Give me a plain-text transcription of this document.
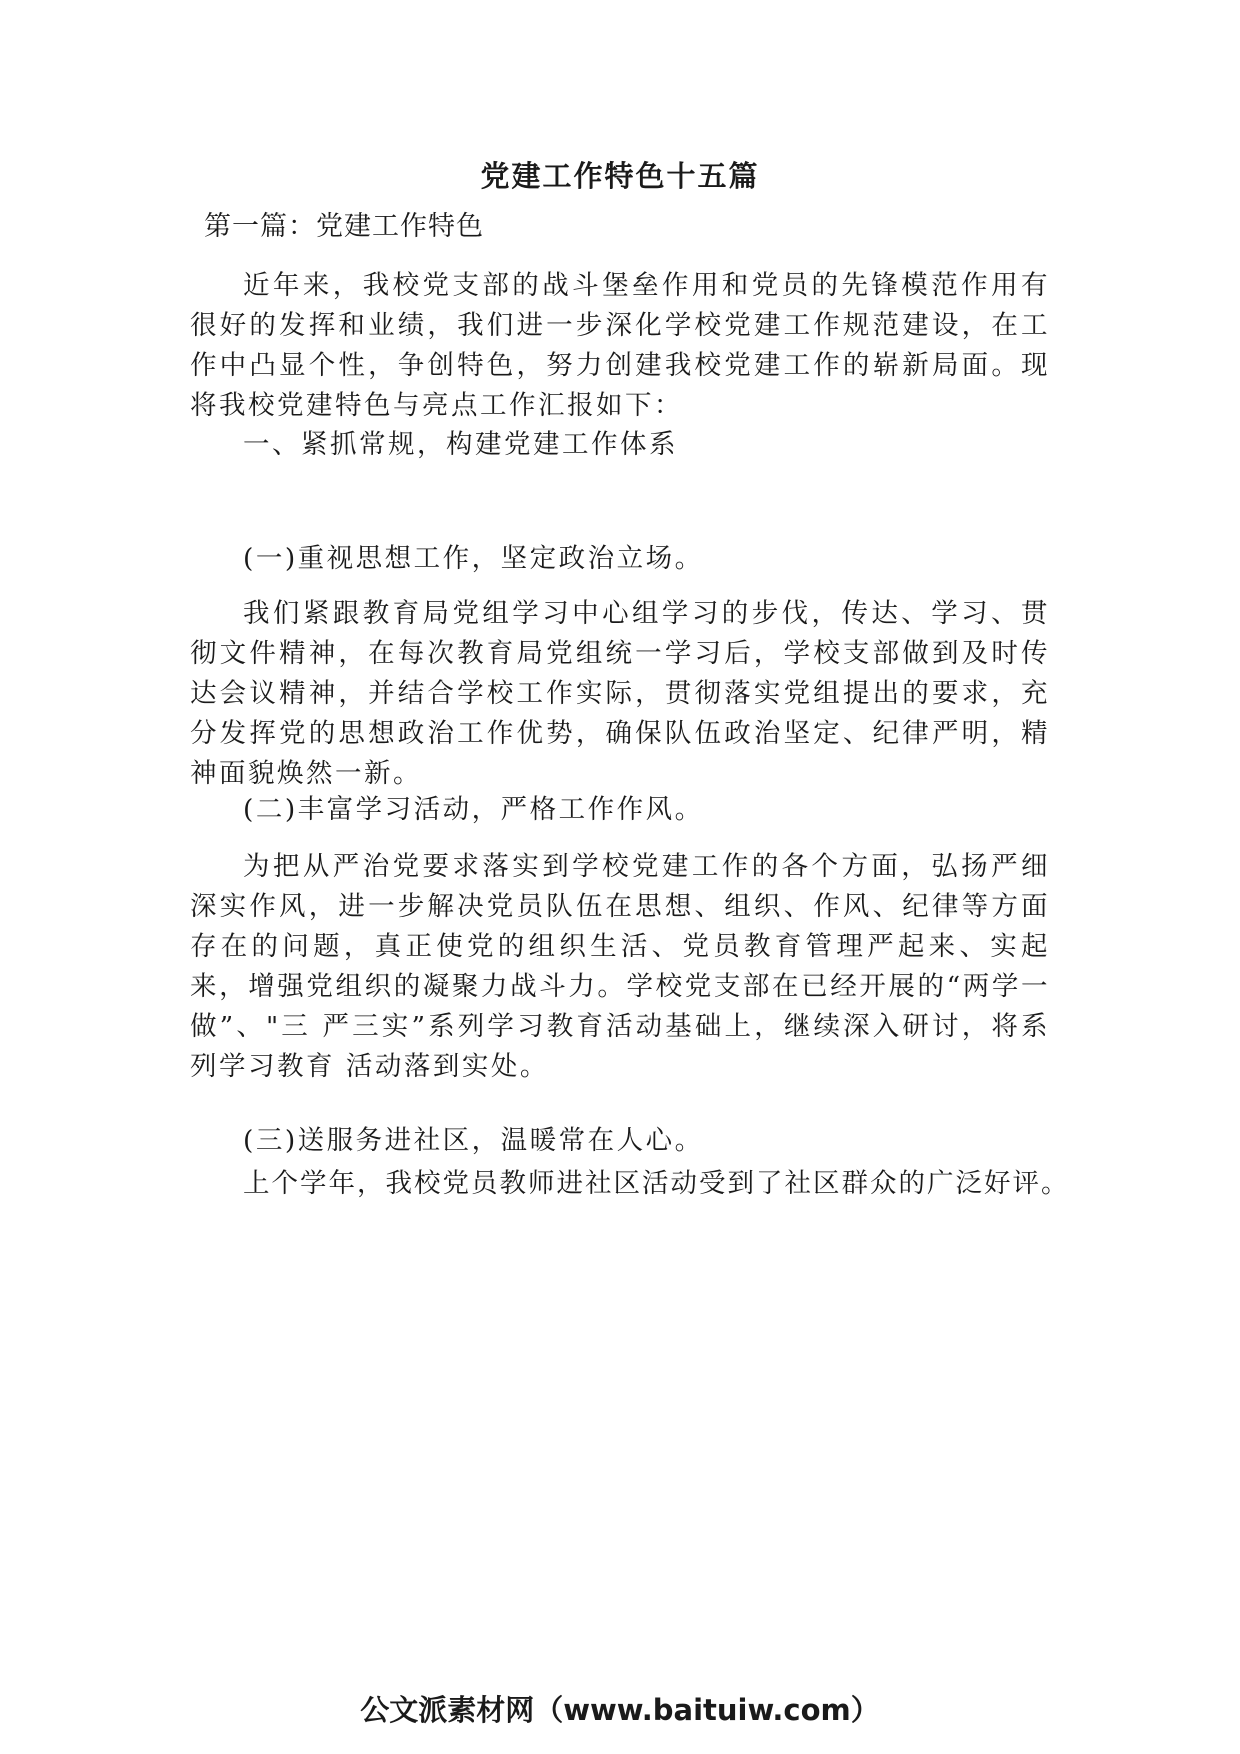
党建工作特色十五篇

第一篇：党建工作特色

近年来，我校党支部的战斗堡垒作用和党员的先锋模范作用有很好的发挥和业绩，我们进一步深化学校党建工作规范建设，在工作中凸显个性，争创特色，努力创建我校党建工作的崭新局面。现将我校党建特色与亮点工作汇报如下：

一、紧抓常规，构建党建工作体系

(一)重视思想工作，坚定政治立场。

我们紧跟教育局党组学习中心组学习的步伐，传达、学习、贯彻文件精神，在每次教育局党组统一学习后，学校支部做到及时传达会议精神，并结合学校工作实际，贯彻落实党组提出的要求，充分发挥党的思想政治工作优势，确保队伍政治坚定、纪律严明，精神面貌焕然一新。

(二)丰富学习活动，严格工作作风。

为把从严治党要求落实到学校党建工作的各个方面，弘扬严细深实作风，进一步解决党员队伍在思想、组织、作风、纪律等方面存在的问题，真正使党的组织生活、党员教育管理严起来、实起来，增强党组织的凝聚力战斗力。学校党支部在已经开展的“两学一做”、"三 严三实”系列学习教育活动基础上，继续深入研讨，将系列学习教育 活动落到实处。

(三)送服务进社区，温暖常在人心。

上个学年，我校党员教师进社区活动受到了社区群众的广泛好评。

公文派素材网（www.baituiw.com）
